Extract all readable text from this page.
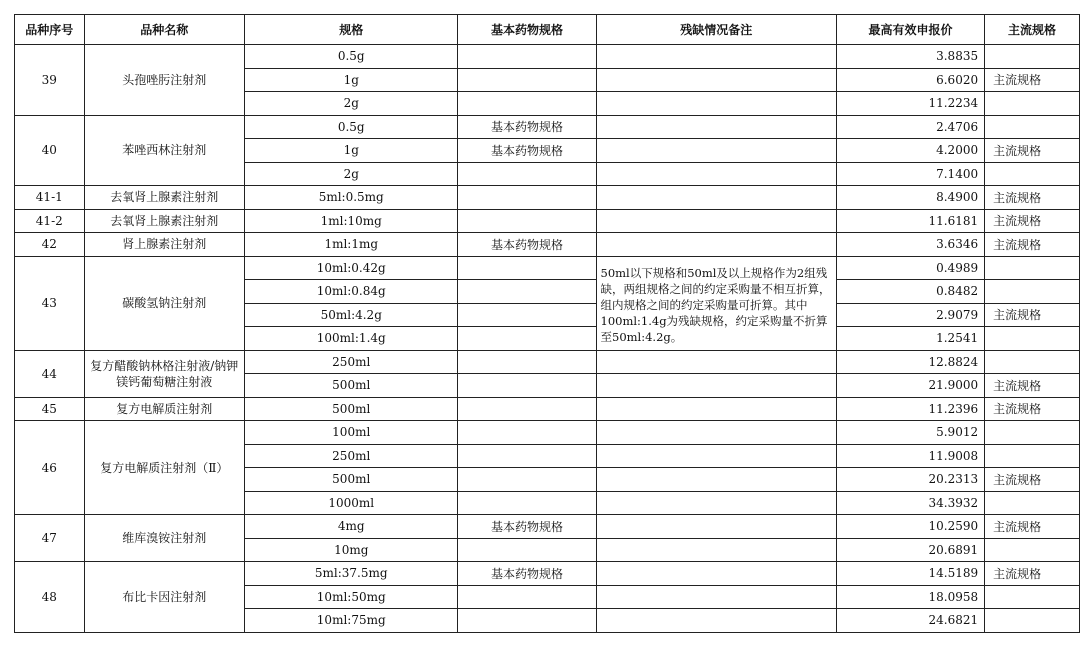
品种序号	品种名称	规格	基本药物规格	残缺情况备注	最高有效申报价	主流规格
39	头孢唑肟注射剂	0.5g			3.8835	
		1g			6.6020	主流规格
		2g			11.2234	
40	苯唑西林注射剂	0.5g	基本药物规格		2.4706	
		1g	基本药物规格		4.2000	主流规格
		2g			7.1400	
41-1	去氧肾上腺素注射剂	5ml:0.5mg			8.4900	主流规格
41-2	去氧肾上腺素注射剂	1ml:10mg			11.6181	主流规格
42	肾上腺素注射剂	1ml:1mg	基本药物规格		3.6346	主流规格
43	碳酸氢钠注射剂	10ml:0.42g		50ml以下规格和50ml及以上规格作为2组残缺，两组规格之间的约定采购量不相互折算，组内规格之间的约定采购量可折算。其中100ml:1.4g为残缺规格，约定采购量不折算至50ml:4.2g。	0.4989	
		10ml:0.84g			0.8482	
		50ml:4.2g			2.9079	主流规格
		100ml:1.4g			1.2541	
44	复方醋酸钠林格注射液/钠钾镁钙葡萄糖注射液	250ml			12.8824	
		500ml			21.9000	主流规格
45	复方电解质注射剂	500ml			11.2396	主流规格
46	复方电解质注射剂（Ⅱ）	100ml			5.9012	
		250ml			11.9008	
		500ml			20.2313	主流规格
		1000ml			34.3932	
47	维库溴铵注射剂	4mg	基本药物规格		10.2590	主流规格
		10mg			20.6891	
48	布比卡因注射剂	5ml:37.5mg	基本药物规格		14.5189	主流规格
		10ml:50mg			18.0958	
		10ml:75mg			24.6821	
